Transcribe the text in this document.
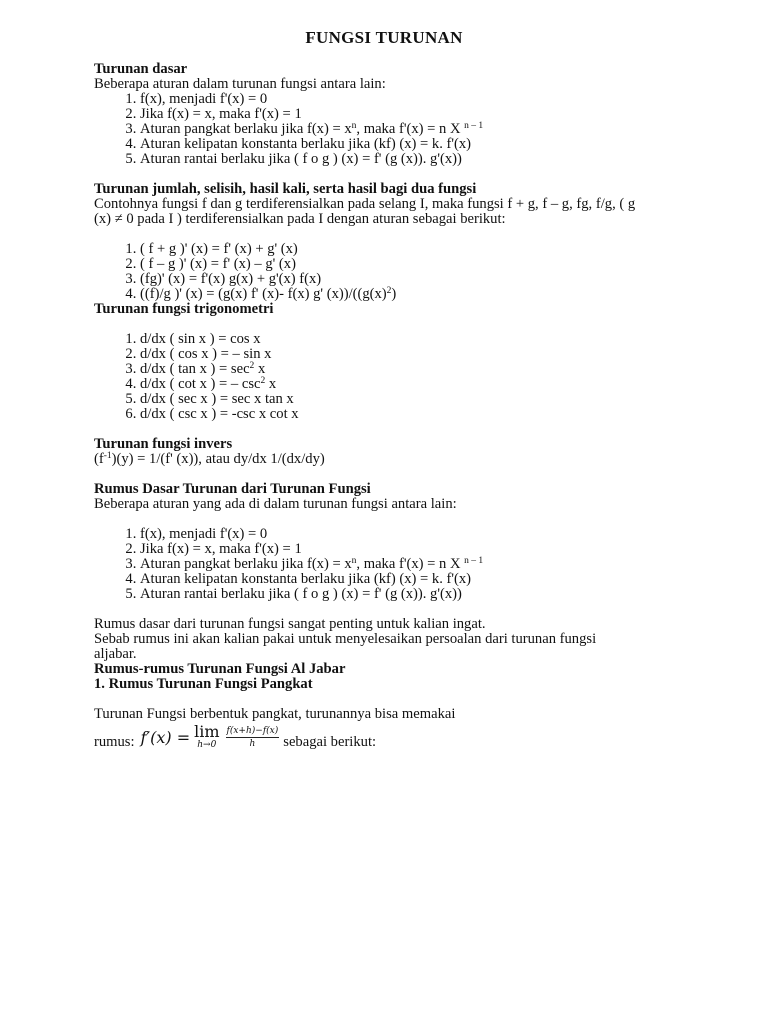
FUNGSI TURUNAN

Turunan dasar

Beberapa aturan dalam turunan fungsi antara lain:

1. f(x), menjadi f'(x) = 0
2. Jika f(x) = x, maka f'(x) = 1
3. Aturan pangkat berlaku jika $f(x) = x^n$, maka f'(x) = n X $^{n - 1}$
4. Aturan kelipatan konstanta berlaku jika (kf) (x) = k. f'(x)
5. Aturan rantai berlaku jika ( f o g ) (x) = f' (g (x)). g'(x))

Turunan jumlah, selisih, hasil kali, serta hasil bagi dua fungsi

Contohnya fungsi f dan g terdiferensialkan pada selang I, maka fungsi f + g, f – g, fg, f/g, ( g

(x) ≠ 0 pada I ) terdiferensialkan pada I dengan aturan sebagai berikut:

1. ( f + g )' (x) = f' (x) + g' (x)
2. ( f – g )' (x) = f' (x) – g' (x)
3. (fg)' (x) = f'(x) g(x) + g'(x) f(x)
4. ((f)/g )' (x) = (g(x) f' (x)- f(x) g' $(x))/((g(x)^2)$

Turunan fungsi trigonometri

1. d/dx ( sin x ) = cos x
2. d/dx ( cos x ) = – sin x
3. d/dx ( tan x ) = $\sec^2 x$
4. d/dx ( cot x ) = – $\csc^2 x$
5. d/dx ( sec x ) = sec x tan x
6. d/dx ( csc x ) = -csc x cot x

Turunan fungsi invers

$(f^{-1})(y) = 1/(f'$ (x)), atau dy/dx 1/(dx/dy)

Rumus Dasar Turunan dari Turunan Fungsi

Beberapa aturan yang ada di dalam turunan fungsi antara lain:

1. f(x), menjadi f'(x) = 0
2. Jika f(x) = x, maka f'(x) = 1
3. Aturan pangkat berlaku jika $f(x) = x^n$, maka f'(x) = n X $^{n - 1}$
4. Aturan kelipatan konstanta berlaku jika (kf) (x) = k. f'(x)
5. Aturan rantai berlaku jika ( f o g ) (x) = f' (g (x)). g'(x))

Rumus dasar dari turunan fungsi sangat penting untuk kalian ingat.

Sebab rumus ini akan kalian pakai untuk menyelesaikan persoalan dari turunan fungsi

aljabar.

Rumus-rumus Turunan Fungsi Al Jabar

1. Rumus Turunan Fungsi Pangkat

Turunan Fungsi berbentuk pangkat, turunannya bisa memakai

rumus: f′(x) = lim
$h\to 0 \frac{f(x+h)-f(x)}{h}$ sebagai berikut:
